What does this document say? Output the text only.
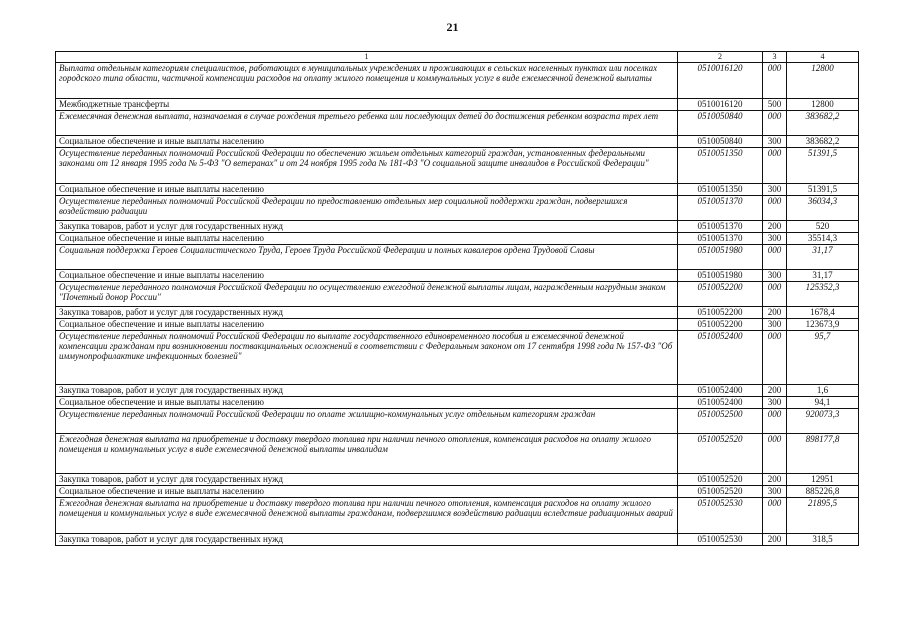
21
1	2	3	4
Выплата отдельным категориям специалистов, работающих в муниципальных учреждениях и проживающих в сельских населенных пунктах или поселках городского типа области, частичной компенсации расходов на оплату жилого помещения и коммунальных услуг в виде ежемесячной денежной выплаты	0510016120	000	12800
Межбюджетные трансферты	0510016120	500	12800
Ежемесячная денежная выплата, назначаемая в случае рождения третьего ребенка или последующих детей до достижения ребенком возраста трех лет	0510050840	000	383682,2
Социальное обеспечение и иные выплаты населению	0510050840	300	383682,2
Осуществление переданных полномочий Российской Федерации по обеспечению жильем отдельных категорий граждан, установленных федеральными законами от 12 января 1995 года № 5-ФЗ "О ветеранах" и от 24 ноября 1995 года № 181-ФЗ "О социальной защите инвалидов в Российской Федерации"	0510051350	000	51391,5
Социальное обеспечение и иные выплаты населению	0510051350	300	51391,5
Осуществление переданных полномочий Российской Федерации по предоставлению отдельных мер социальной поддержки граждан, подвергшихся воздействию радиации	0510051370	000	36034,3
Закупка товаров, работ и услуг для государственных нужд	0510051370	200	520
Социальное обеспечение и иные выплаты населению	0510051370	300	35514,3
Социальная поддержка Героев Социалистического Труда, Героев Труда Российской Федерации и полных кавалеров ордена Трудовой Славы	0510051980	000	31,17
Социальное обеспечение и иные выплаты населению	0510051980	300	31,17
Осуществление переданного полномочия Российской Федерации по осуществлению ежегодной денежной выплаты лицам, награжденным нагрудным знаком "Почетный донор России"	0510052200	000	125352,3
Закупка товаров, работ и услуг для государственных нужд	0510052200	200	1678,4
Социальное обеспечение и иные выплаты населению	0510052200	300	123673,9
Осуществление переданных полномочий Российской Федерации по выплате государственного единовременного пособия и ежемесячной денежной компенсации гражданам при возникновении поствакцинальных осложнений в соответствии с Федеральным законом от 17 сентября 1998 года № 157-ФЗ "Об иммунопрофилактике инфекционных болезней"	0510052400	000	95,7
Закупка товаров, работ и услуг для государственных нужд	0510052400	200	1,6
Социальное обеспечение и иные выплаты населению	0510052400	300	94,1
Осуществление переданных полномочий Российской Федерации по оплате жилищно-коммунальных услуг отдельным категориям граждан	0510052500	000	920073,3
Ежегодная денежная выплата на приобретение и доставку твердого топлива при наличии печного отопления, компенсация расходов на оплату жилого помещения и коммунальных услуг в виде ежемесячной денежной выплаты инвалидам	0510052520	000	898177,8
Закупка товаров, работ и услуг для государственных нужд	0510052520	200	12951
Социальное обеспечение и иные выплаты населению	0510052520	300	885226,8
Ежегодная денежная выплата на приобретение и доставку твердого топлива при наличии печного отопления, компенсация расходов на оплату жилого помещения и коммунальных услуг в виде ежемесячной денежной выплаты гражданам, подвергшимся воздействию радиации вследствие радиационных аварий	0510052530	000	21895,5
Закупка товаров, работ и услуг для государственных нужд	0510052530	200	318,5
